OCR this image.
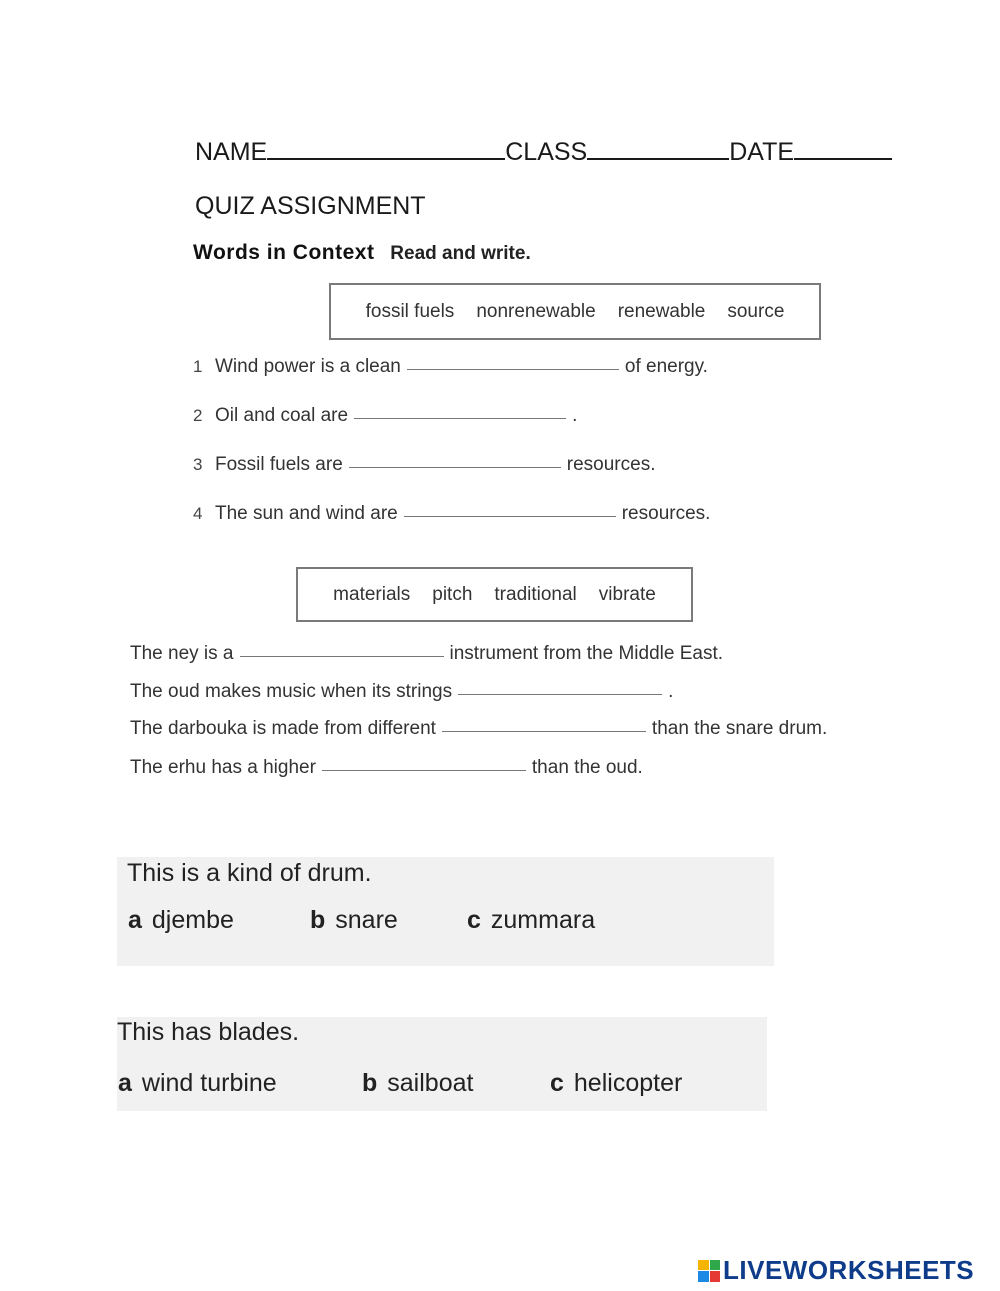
NAME	CLASS	DATE
QUIZ ASSIGNMENT
Words in Context Read and write.
fossil fuels nonrenewable renewable source
1 Wind power is a clean	of energy.
2 Oil and coal are	.
3 Fossil fuels are	resources.
4 The sun and wind are	resources.
materials pitch traditional vibrate
The ney is a	instrument from the Middle East.
The oud makes music when its strings	.
The darbouka is made from different	than the snare drum.
The erhu has a higher	than the oud.
This is a kind of drum.
a djembe	b snare	c zummara
This has blades.
a wind turbine	b sailboat	c helicopter
LIVEWORKSHEETS
